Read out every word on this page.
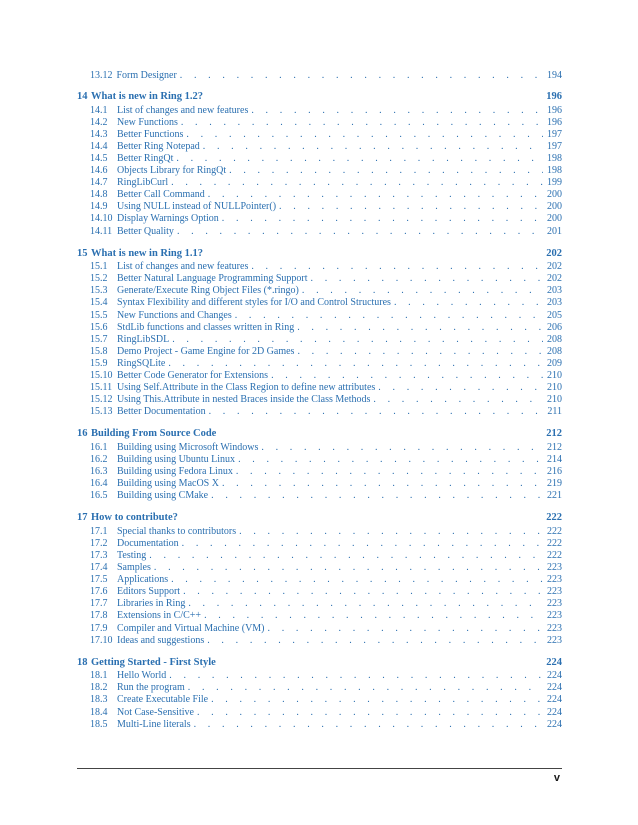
13.12 Form Designer . . .	194
14 What is new in Ring 1.2?	196
14.1 List of changes and new features . . .	196
14.2 New Functions . . .	196
14.3 Better Functions . . .	197
14.4 Better Ring Notepad . . .	197
14.5 Better RingQt . . .	198
14.6 Objects Library for RingQt . . .	198
14.7 RingLibCurl . . .	199
14.8 Better Call Command . . .	200
14.9 Using NULL instead of NULLPointer() . . .	200
14.10 Display Warnings Option . . .	200
14.11 Better Quality . . .	201
15 What is new in Ring 1.1?	202
15.1 List of changes and new features . . .	202
15.2 Better Natural Language Programming Support . . .	202
15.3 Generate/Execute Ring Object Files (*.ringo) . . .	203
15.4 Syntax Flexibility and different styles for I/O and Control Structures . . .	203
15.5 New Functions and Changes . . .	205
15.6 StdLib functions and classes written in Ring . . .	206
15.7 RingLibSDL . . .	208
15.8 Demo Project - Game Engine for 2D Games . . .	208
15.9 RingSQLite . . .	209
15.10 Better Code Generator for Extensions . . .	210
15.11 Using Self.Attribute in the Class Region to define new attributes . . .	210
15.12 Using This.Attribute in nested Braces inside the Class Methods . . .	210
15.13 Better Documentation . . .	211
16 Building From Source Code	212
16.1 Building using Microsoft Windows . . .	212
16.2 Building using Ubuntu Linux . . .	214
16.3 Building using Fedora Linux . . .	216
16.4 Building using MacOS X . . .	219
16.5 Building using CMake . . .	221
17 How to contribute?	222
17.1 Special thanks to contributors . . .	222
17.2 Documentation . . .	222
17.3 Testing . . .	222
17.4 Samples . . .	223
17.5 Applications . . .	223
17.6 Editors Support . . .	223
17.7 Libraries in Ring . . .	223
17.8 Extensions in C/C++ . . .	223
17.9 Compiler and Virtual Machine (VM) . . .	223
17.10 Ideas and suggestions . . .	223
18 Getting Started - First Style	224
18.1 Hello World . . .	224
18.2 Run the program . . .	224
18.3 Create Executable File . . .	224
18.4 Not Case-Sensitive . . .	224
18.5 Multi-Line literals . . .	224
v
